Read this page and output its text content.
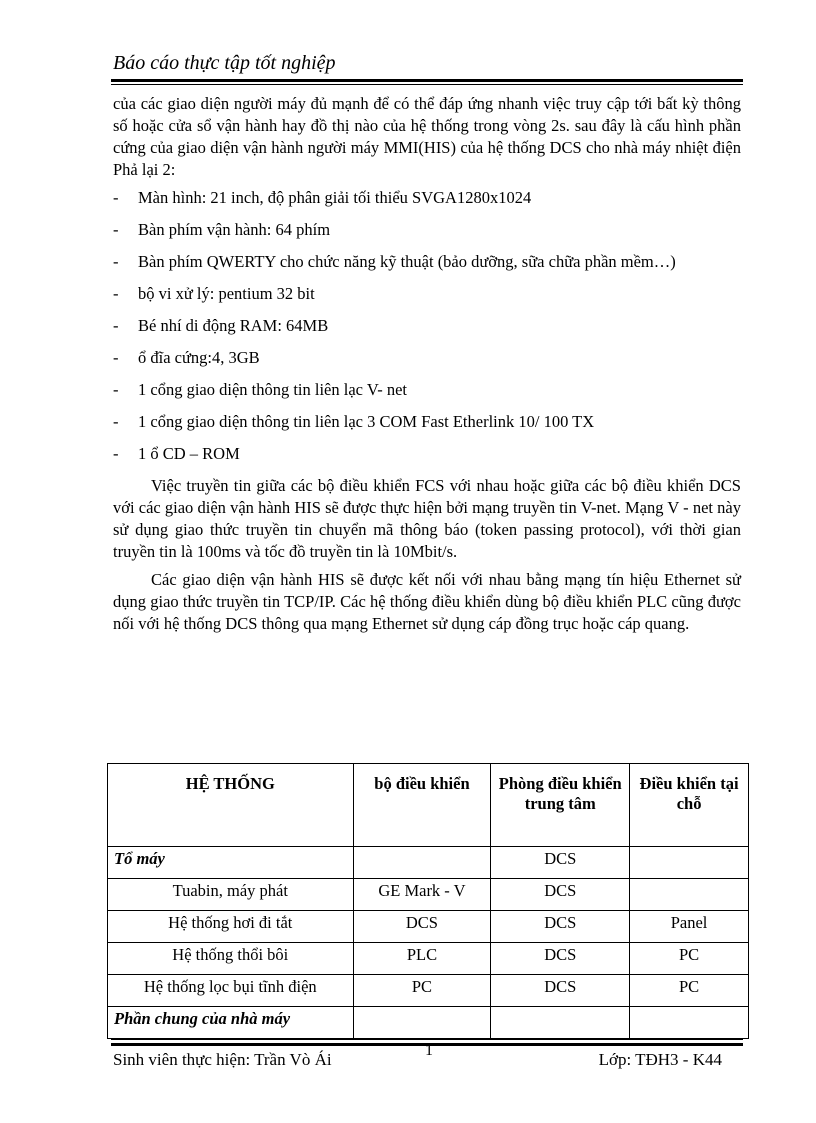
Báo cáo thực tập tốt nghiệp

của các giao diện người máy đủ mạnh để có thể đáp ứng nhanh việc truy cập tới bất kỳ thông số hoặc cửa sổ vận hành hay đồ thị nào của hệ thống trong vòng 2s. sau đây là cấu hình phần cứng của giao diện vận hành người máy MMI(HIS) của hệ thống DCS cho nhà máy nhiệt điện Phả lại 2:

- Màn hình: 21 inch, độ phân giải tối thiểu SVGA1280x1024
- Bàn phím vận hành: 64 phím
- Bàn phím QWERTY cho chức năng kỹ thuật (bảo dưỡng, sữa chữa phần mềm…)
- bộ vi xử lý: pentium 32 bit
- Bé nhí di động RAM: 64MB
- ổ đĩa cứng:4, 3GB
- 1 cổng giao diện thông tin liên lạc V- net
- 1 cổng giao diện thông tin liên lạc 3 COM Fast Etherlink 10/ 100 TX
- 1 ổ CD – ROM

Việc truyền tin giữa các bộ điều khiển FCS với nhau hoặc giữa các bộ điều khiển DCS với các giao diện vận hành HIS sẽ được thực hiện bởi mạng truyền tin V-net. Mạng V - net này sử dụng giao thức truyền tin chuyển mã thông báo (token passing protocol), với thời gian truyền tin là 100ms và tốc đồ truyền tin là 10Mbit/s.

Các giao diện vận hành HIS sẽ được kết nối với nhau bằng mạng tín hiệu Ethernet sử dụng giao thức truyền tin TCP/IP. Các hệ thống điều khiển dùng bộ điều khiển PLC cũng được nối với hệ thống DCS thông qua mạng Ethernet sử dụng cáp đồng trục hoặc cáp quang.

HỆ THỐNG	bộ điều khiển	Phòng điều khiển trung tâm	Điều khiển tại chỗ
Tổ máy		DCS	
Tuabin, máy phát	GE Mark - V	DCS	
Hệ thống hơi đi tắt	DCS	DCS	Panel
Hệ thống thổi bôi	PLC	DCS	PC
Hệ thống lọc bụi tĩnh điện	PC	DCS	PC
Phần chung của nhà máy			
Sinh viên thực hiện: Trần Vò Ái	1	Lớp: TĐH3 - K44
